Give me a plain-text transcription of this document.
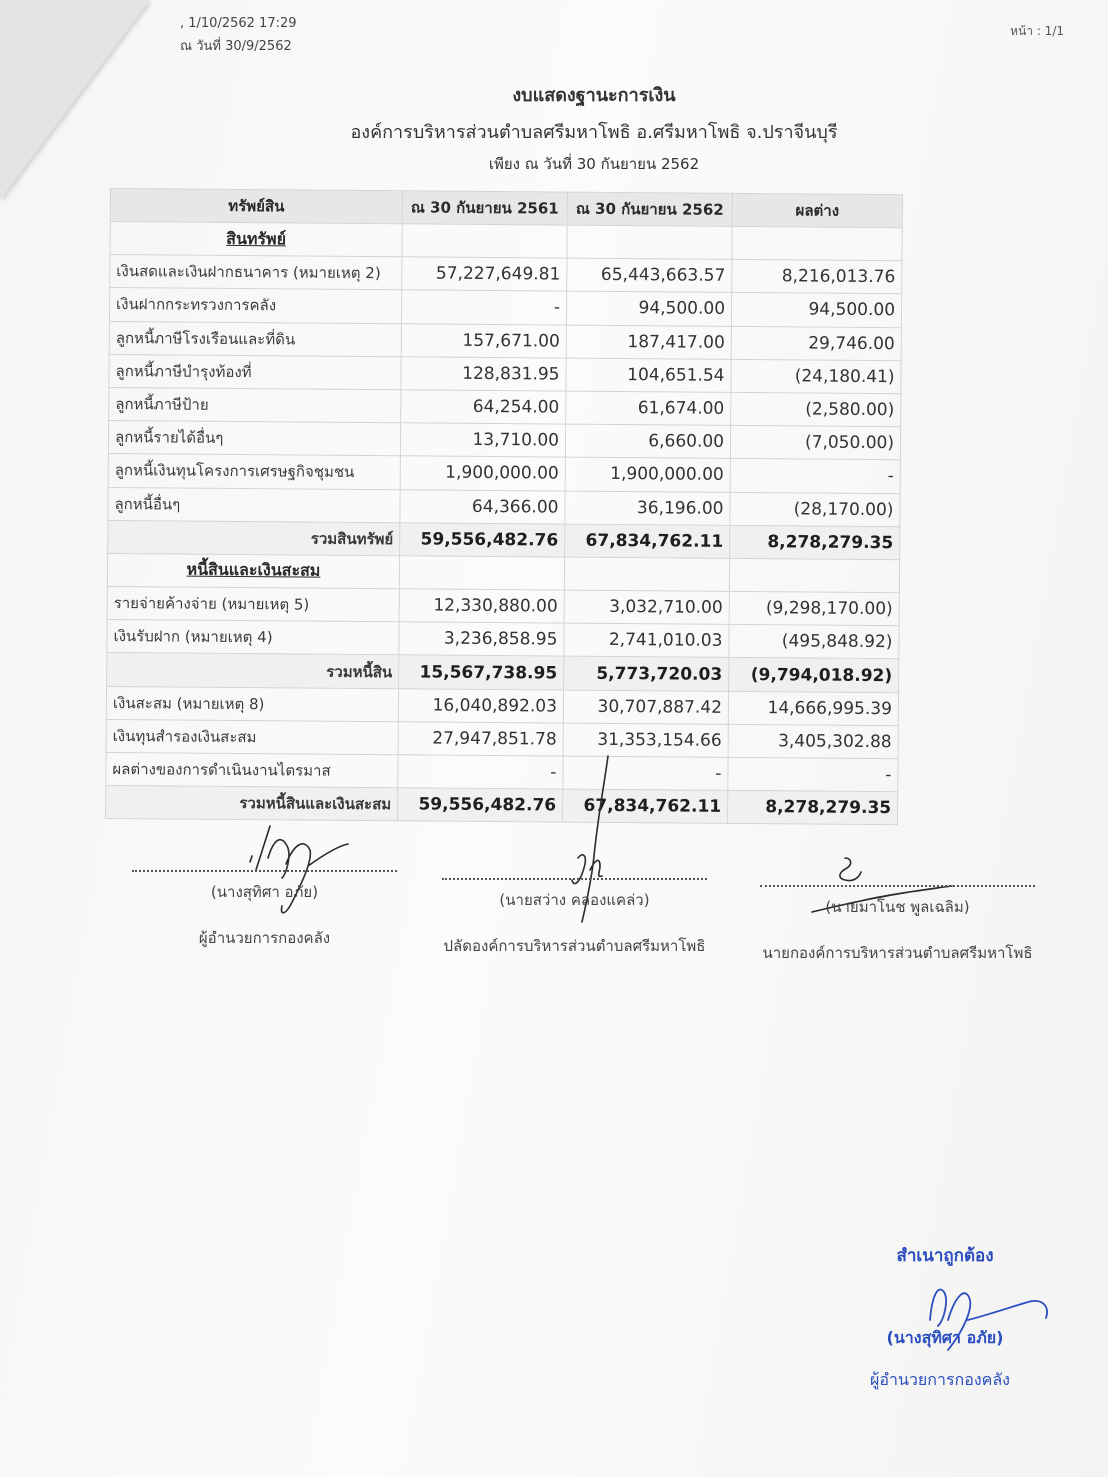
, 1/10/2562 17:29
ณ วันที่ 30/9/2562
หน้า : 1/1
งบแสดงฐานะการเงิน
องค์การบริหารส่วนตำบลศรีมหาโพธิ อ.ศรีมหาโพธิ จ.ปราจีนบุรี
เพียง ณ วันที่ 30 กันยายน 2562
ทรัพย์สิน	ณ 30 กันยายน 2561	ณ 30 กันยายน 2562	ผลต่าง
สินทรัพย์			
เงินสดและเงินฝากธนาคาร (หมายเหตุ 2)	57,227,649.81	65,443,663.57	8,216,013.76
เงินฝากกระทรวงการคลัง	-	94,500.00	94,500.00
ลูกหนี้ภาษีโรงเรือนและที่ดิน	157,671.00	187,417.00	29,746.00
ลูกหนี้ภาษีบำรุงท้องที่	128,831.95	104,651.54	(24,180.41)
ลูกหนี้ภาษีป้าย	64,254.00	61,674.00	(2,580.00)
ลูกหนี้รายได้อื่นๆ	13,710.00	6,660.00	(7,050.00)
ลูกหนี้เงินทุนโครงการเศรษฐกิจชุมชน	1,900,000.00	1,900,000.00	-
ลูกหนี้อื่นๆ	64,366.00	36,196.00	(28,170.00)
รวมสินทรัพย์	59,556,482.76	67,834,762.11	8,278,279.35
หนี้สินและเงินสะสม			
รายจ่ายค้างจ่าย (หมายเหตุ 5)	12,330,880.00	3,032,710.00	(9,298,170.00)
เงินรับฝาก (หมายเหตุ 4)	3,236,858.95	2,741,010.03	(495,848.92)
รวมหนี้สิน	15,567,738.95	5,773,720.03	(9,794,018.92)
เงินสะสม (หมายเหตุ 8)	16,040,892.03	30,707,887.42	14,666,995.39
เงินทุนสำรองเงินสะสม	27,947,851.78	31,353,154.66	3,405,302.88
ผลต่างของการดำเนินงานไตรมาส	-	-	-
รวมหนี้สินและเงินสะสม	59,556,482.76	67,834,762.11	8,278,279.35
(นางสุทิศา อภัย)
ผู้อำนวยการกองคลัง
(นายสว่าง คล่องแคล่ว)
ปลัดองค์การบริหารส่วนตำบลศรีมหาโพธิ
(นายมาโนช พูลเฉลิม)
นายกองค์การบริหารส่วนตำบลศรีมหาโพธิ
สำเนาถูกต้อง
(นางสุทิศา อภัย)
ผู้อำนวยการกองคลัง
